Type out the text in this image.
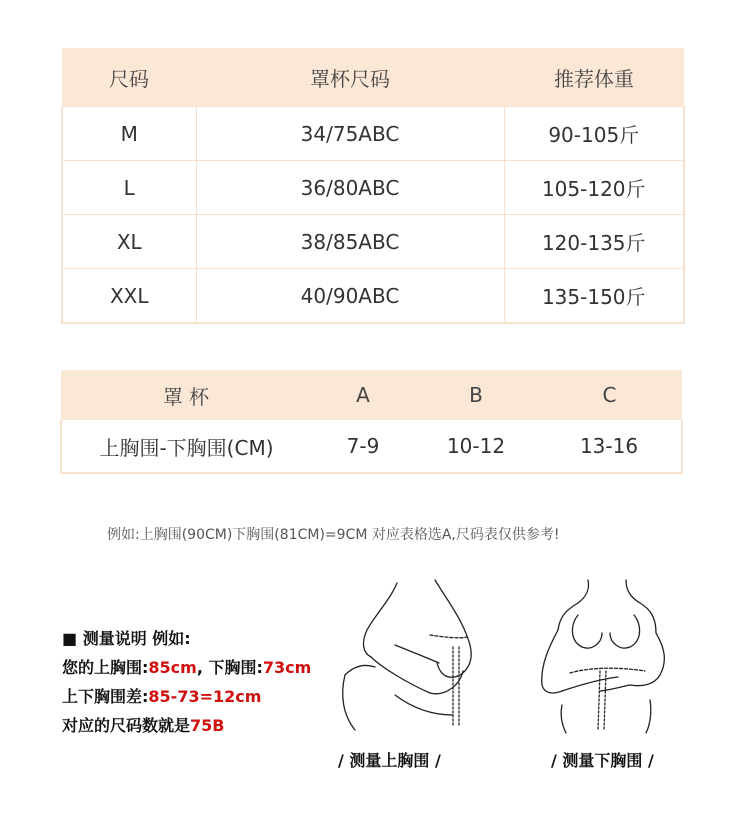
尺码	罩杯尺码	推荐体重
M	34/75ABC	90-105斤
L	36/80ABC	105-120斤
XL	38/85ABC	120-135斤
XXL	40/90ABC	135-150斤
罩 杯	A	B	C
上胸围-下胸围(CM)	7-9	10-12	13-16
例如:上胸围(90CM)下胸围(81CM)=9CM 对应表格选A,尺码表仅供参考!
■ 测量说明 例如:
您的上胸围:85cm, 下胸围:73cm
上下胸围差:85-73=12cm
对应的尺码数就是75B
/ 测量上胸围 /	/ 测量下胸围 /
